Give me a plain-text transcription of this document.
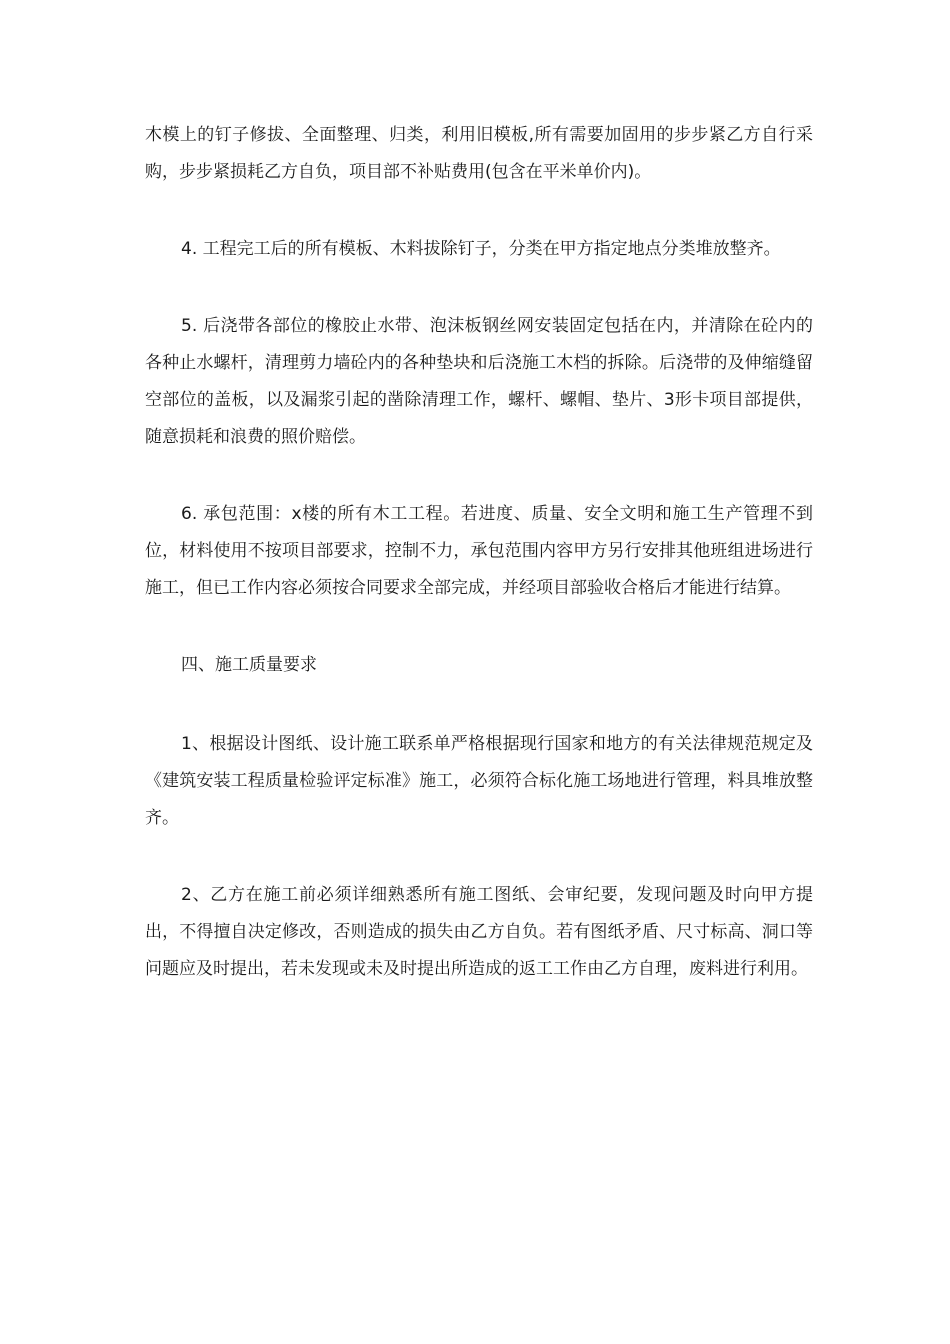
木模上的钉子修拔、全面整理、归类，利用旧模板,所有需要加固用的步步紧乙方自行采购，步步紧损耗乙方自负，项目部不补贴费用(包含在平米单价内)。

4. 工程完工后的所有模板、木料拔除钉子，分类在甲方指定地点分类堆放整齐。

5. 后浇带各部位的橡胶止水带、泡沫板钢丝网安装固定包括在内，并清除在砼内的各种止水螺杆，清理剪力墙砼内的各种垫块和后浇施工木档的拆除。后浇带的及伸缩缝留空部位的盖板，以及漏浆引起的凿除清理工作，螺杆、螺帽、垫片、3形卡项目部提供，随意损耗和浪费的照价赔偿。

6. 承包范围：x楼的所有木工工程。若进度、质量、安全文明和施工生产管理不到位，材料使用不按项目部要求，控制不力，承包范围内容甲方另行安排其他班组进场进行施工，但已工作内容必须按合同要求全部完成，并经项目部验收合格后才能进行结算。

四、施工质量要求

1、根据设计图纸、设计施工联系单严格根据现行国家和地方的有关法律规范规定及《建筑安装工程质量检验评定标准》施工，必须符合标化施工场地进行管理，料具堆放整齐。

2、乙方在施工前必须详细熟悉所有施工图纸、会审纪要，发现问题及时向甲方提出，不得擅自决定修改，否则造成的损失由乙方自负。若有图纸矛盾、尺寸标高、洞口等问题应及时提出，若未发现或未及时提出所造成的返工工作由乙方自理，废料进行利用。
